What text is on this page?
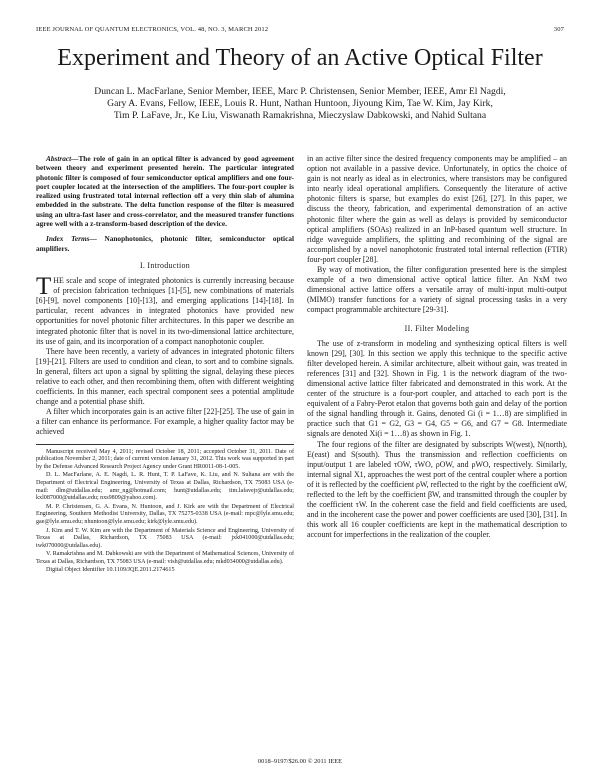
IEEE JOURNAL OF QUANTUM ELECTRONICS, VOL. 48, NO. 3, MARCH 2012	307
Experiment and Theory of an Active Optical Filter
Duncan L. MacFarlane, Senior Member, IEEE, Marc P. Christensen, Senior Member, IEEE, Amr El Nagdi,
Gary A. Evans, Fellow, IEEE, Louis R. Hunt, Nathan Huntoon, Jiyoung Kim, Tae W. Kim, Jay Kirk,
Tim P. LaFave, Jr., Ke Liu, Viswanath Ramakrishna, Mieczyslaw Dabkowski, and Nahid Sultana

Abstract—The role of gain in an optical filter is advanced by good agreement between theory and experiment presented herein. The particular integrated photonic filter is composed of four semiconductor optical amplifiers and one four-port coupler located at the intersection of the amplifiers. The four-port coupler is realized using frustrated total internal reflection off a very thin slab of alumina embedded in the substrate. The delta function response of the filter is measured using an ultra-fast laser and cross-correlator, and the measured transfer functions agree well with a z-transform-based description of the device.

Index Terms— Nanophotonics, photonic filter, semiconductor optical amplifiers.

I. Introduction

THE scale and scope of integrated photonics is currently increasing because of precision fabrication techniques [1]-[5], new combinations of materials [6]-[9], novel components [10]-[13], and emerging applications [14]-[18]. In particular, recent advances in integrated photonics have provided new opportunities for novel photonic filter architectures. In this paper we describe an integrated photonic filter that is novel in its two-dimensional lattice architecture, its use of gain, and its incorporation of a compact nanophotonic coupler.

There have been recently, a variety of advances in integrated photonic filters [19]-[21]. Filters are used to condition and clean, to sort and to combine signals. In general, filters act upon a signal by splitting the signal, delaying these pieces relative to each other, and then recombining them, often with different weighting coefficients. In this manner, each spectral component sees a potential amplitude change and a potential phase shift.

A filter which incorporates gain is an active filter [22]-[25]. The use of gain in a filter can enhance its performance. For example, a higher quality factor may be achieved

Manuscript received May 4, 2011; revised October 18, 2011; accepted October 31, 2011. Date of publication November 2, 2011; date of current version January 31, 2012. This work was supported in part by the Defense Advanced Research Project Agency under Grant HR0011-08-1-005.

D. L. MacFarlane, A. E. Nagdi, L. R. Hunt, T. P. LaFave, K. Liu, and N. Sultana are with the Department of Electrical Engineering, University of Texas at Dallas, Richardson, TX 75083 USA (e-mail: dlm@utdallas.edu; amr_ng@hotmail.com; hunt@utdallas.edu; tim.lafavejr@utdallas.edu; kxl087000@utdallas.edu; nxs9809@yahoo.com).

M. P. Christensen, G. A. Evans, N. Huntoon, and J. Kirk are with the Department of Electrical Engineering, Southern Methodist University, Dallas, TX 75275-0338 USA (e-mail: mpc@lyle.smu.edu; gae@lyle.smu.edu; nhuntoon@lyle.smu.edu; kirk@lyle.smu.edu).

J. Kim and T. W. Kim are with the Department of Materials Science and Engineering, University of Texas at Dallas, Richardson, TX 75083 USA (e-mail: jxk041000@utdallas.edu; twk070000@utdallas.edu).

V. Ramakrishna and M. Dabkowski are with the Department of Mathematical Sciences, University of Texas at Dallas, Richardson, TX 75083 USA (e-mail: vish@utdallas.edu; mkd034000@utdallas.edu).

Digital Object Identifier 10.1109/JQE.2011.2174615

in an active filter since the desired frequency components may be amplified – an option not available in a passive device. Unfortunately, in optics the choice of gain is not nearly as ideal as in electronics, where transistors may be configured into nearly ideal operational amplifiers. Consequently the literature of active photonic filters is sparse, but examples do exist [26], [27]. In this paper, we discuss the theory, fabrication, and experimental demonstration of an active photonic filter where the gain as well as delays is provided by semiconductor optical amplifiers (SOAs) realized in an InP-based quantum well structure. In ridge waveguide amplifiers, the splitting and recombining of the signal are accomplished by a novel nanophotonic frustrated total internal reflection (FTIR) four-port coupler [28].

By way of motivation, the filter configuration presented here is the simplest example of a two dimensional active optical lattice filter. An NxM two dimensional active lattice offers a versatile array of multi-input multi-output (MIMO) transfer functions for a variety of signal processing tasks in a very compact programmable architecture [29-31].

II. Filter Modeling

The use of z-transform in modeling and synthesizing optical filters is well known [29], [30]. In this section we apply this technique to the specific active filter developed herein. A similar architecture, albeit without gain, was treated in references [31] and [32]. Shown in Fig. 1 is the network diagram of the two-dimensional active lattice filter fabricated and demonstrated in this work. At the center of the structure is a four-port coupler, and attached to each port is the equivalent of a Fabry-Perot etalon that governs both gain and delay of the portion of the signal handling through it. Gains, denoted Gi (i = 1…8) are simplified in practice such that G1 = G2, G3 = G4, G5 = G6, and G7 = G8. Intermediate signals are denoted Xi(i = 1…8) as shown in Fig. 1.

The four regions of the filter are designated by subscripts W(west), N(north), E(east) and S(south). Thus the transmission and reflection coefficients on input/output 1 are labeled τOW, τWO, ρOW, and ρWO, respectively. Similarly, internal signal X1, approaches the west port of the central coupler where a portion of it is reflected by the coefficient ρW, reflected to the right by the coefficient αW, reflected to the left by the coefficient βW, and transmitted through the coupler by the coefficient τW. In the coherent case the field and field coefficients are used, and in the incoherent case the power and power coefficients are used [30], [31]. In this work all 16 coupler coefficients are kept in the mathematical description to account for imperfections in the realization of the coupler.

0018–9197/$26.00 © 2011 IEEE
